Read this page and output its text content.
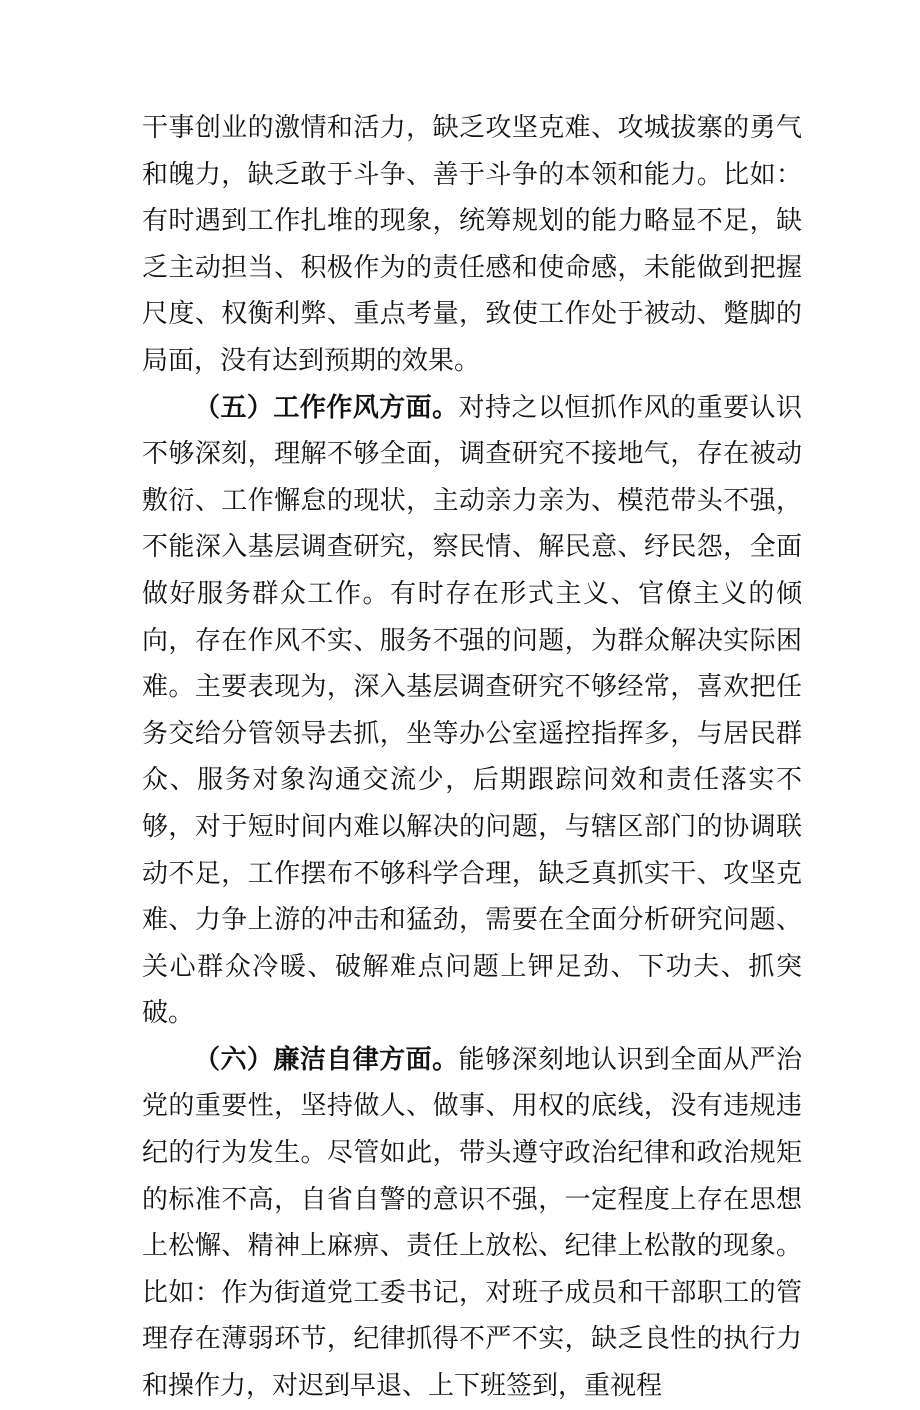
干事创业的激情和活力，缺乏攻坚克难、攻城拔寨的勇气和魄力，缺乏敢于斗争、善于斗争的本领和能力。比如：有时遇到工作扎堆的现象，统筹规划的能力略显不足，缺乏主动担当、积极作为的责任感和使命感，未能做到把握尺度、权衡利弊、重点考量，致使工作处于被动、蹩脚的局面，没有达到预期的效果。

（五）工作作风方面。对持之以恒抓作风的重要认识不够深刻，理解不够全面，调查研究不接地气，存在被动敷衍、工作懈怠的现状，主动亲力亲为、模范带头不强，不能深入基层调查研究，察民情、解民意、纾民怨，全面做好服务群众工作。有时存在形式主义、官僚主义的倾向，存在作风不实、服务不强的问题，为群众解决实际困难。主要表现为，深入基层调查研究不够经常，喜欢把任务交给分管领导去抓，坐等办公室遥控指挥多，与居民群众、服务对象沟通交流少，后期跟踪问效和责任落实不够，对于短时间内难以解决的问题，与辖区部门的协调联动不足，工作摆布不够科学合理，缺乏真抓实干、攻坚克难、力争上游的冲击和猛劲，需要在全面分析研究问题、关心群众冷暖、破解难点问题上钾足劲、下功夫、抓突破。

（六）廉洁自律方面。能够深刻地认识到全面从严治党的重要性，坚持做人、做事、用权的底线，没有违规违纪的行为发生。尽管如此，带头遵守政治纪律和政治规矩的标准不高，自省自警的意识不强，一定程度上存在思想上松懈、精神上麻痹、责任上放松、纪律上松散的现象。比如：作为街道党工委书记，对班子成员和干部职工的管理存在薄弱环节，纪律抓得不严不实，缺乏良性的执行力和操作力，对迟到早退、上下班签到，重视程
